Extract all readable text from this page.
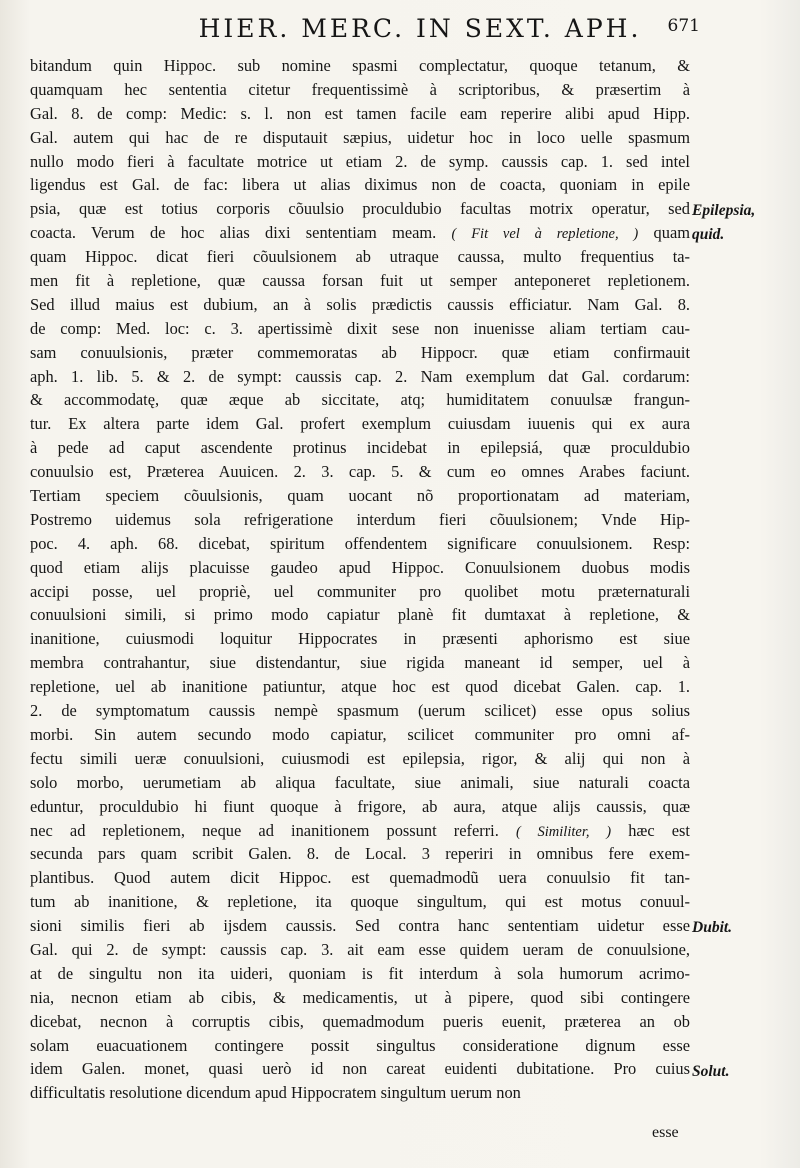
HIER. MERC. IN SEXT. APH. 671
bitandum quin Hippoc. sub nomine spasmi complectatur, quoque tetanum, &
quamquam hec sententia citetur frequentissimè à scriptoribus, & præsertim à
Gal. 8. de comp: Medic: s. l. non est tamen facile eam reperire alibi apud Hipp.
Gal. autem qui hac de re disputauit sæpius, uidetur hoc in loco uelle spasmum
nullo modo fieri à facultate motrice ut etiam 2. de symp. caussis cap. 1. sed intel
ligendus est Gal. de fac: libera ut alias diximus non de coacta, quoniam in epile
psia, quæ est totius corporis cõuulsio proculdubio facultas motrix operatur, sed
coacta. Verum de hoc alias dixi sententiam meam. ( Fit vel à repletione, ) quam
quam Hippoc. dicat fieri cõuulsionem ab utraque caussa, multo frequentius ta-
men fit à repletione, quæ caussa forsan fuit ut semper anteponeret repletionem.
Sed illud maius est dubium, an à solis prædictis caussis efficiatur. Nam Gal. 8.
de comp: Med. loc: c. 3. apertissimè dixit sese non inuenisse aliam tertiam cau-
sam conuulsionis, præter commemoratas ab Hippocr. quæ etiam confirmauit
aph. 1. lib. 5. & 2. de sympt: caussis cap. 2. Nam exemplum dat Gal. cordarum:
& accommodatę, quæ æque ab siccitate, atq; humiditatem conuulsæ frangun-
tur. Ex altera parte idem Gal. profert exemplum cuiusdam iuuenis qui ex aura
à pede ad caput ascendente protinus incidebat in epilepsiá, quæ proculdubio
conuulsio est, Præterea Auuicen. 2. 3. cap. 5. & cum eo omnes Arabes faciunt.
Tertiam speciem cõuulsionis, quam uocant nõ proportionatam ad materiam,
Postremo uidemus sola refrigeratione interdum fieri cõuulsionem; Vnde Hip-
poc. 4. aph. 68. dicebat, spiritum offendentem significare conuulsionem. Resp:
quod etiam alijs placuisse gaudeo apud Hippoc. Conuulsionem duobus modis
accipi posse, uel propriè, uel communiter pro quolibet motu præternaturali
conuulsioni simili, si primo modo capiatur planè fit dumtaxat à repletione, &
inanitione, cuiusmodi loquitur Hippocrates in præsenti aphorismo est siue
membra contrahantur, siue distendantur, siue rigida maneant id semper, uel à
repletione, uel ab inanitione patiuntur, atque hoc est quod dicebat Galen. cap. 1.
2. de symptomatum caussis nempè spasmum (uerum scilicet) esse opus solius
morbi. Sin autem secundo modo capiatur, scilicet communiter pro omni af-
fectu simili ueræ conuulsioni, cuiusmodi est epilepsia, rigor, & alij qui non à
solo morbo, uerumetiam ab aliqua facultate, siue animali, siue naturali coacta
eduntur, proculdubio hi fiunt quoque à frigore, ab aura, atque alijs caussis, quæ
nec ad repletionem, neque ad inanitionem possunt referri. ( Similiter, ) hæc est
secunda pars quam scribit Galen. 8. de Local. 3 reperiri in omnibus fere exem-
plantibus. Quod autem dicit Hippoc. est quemadmodũ uera conuulsio fit tan-
tum ab inanitione, & repletione, ita quoque singultum, qui est motus conuul-
sioni similis fieri ab ijsdem caussis. Sed contra hanc sententiam uidetur esse
Gal. qui 2. de sympt: caussis cap. 3. ait eam esse quidem ueram de conuulsione,
at de singultu non ita uideri, quoniam is fit interdum à sola humorum acrimo-
nia, necnon etiam ab cibis, & medicamentis, ut à pipere, quod sibi contingere
dicebat, necnon à corruptis cibis, quemadmodum pueris euenit, præterea an ob
solam euacuationem contingere possit singultus consideratione dignum esse
idem Galen. monet, quasi uerò id non careat euidenti dubitatione. Pro cuius
difficultatis resolutione dicendum apud Hippocratem singultum uerum non
Epilepsia,
quid.
Dubit.
Solut.
esse
